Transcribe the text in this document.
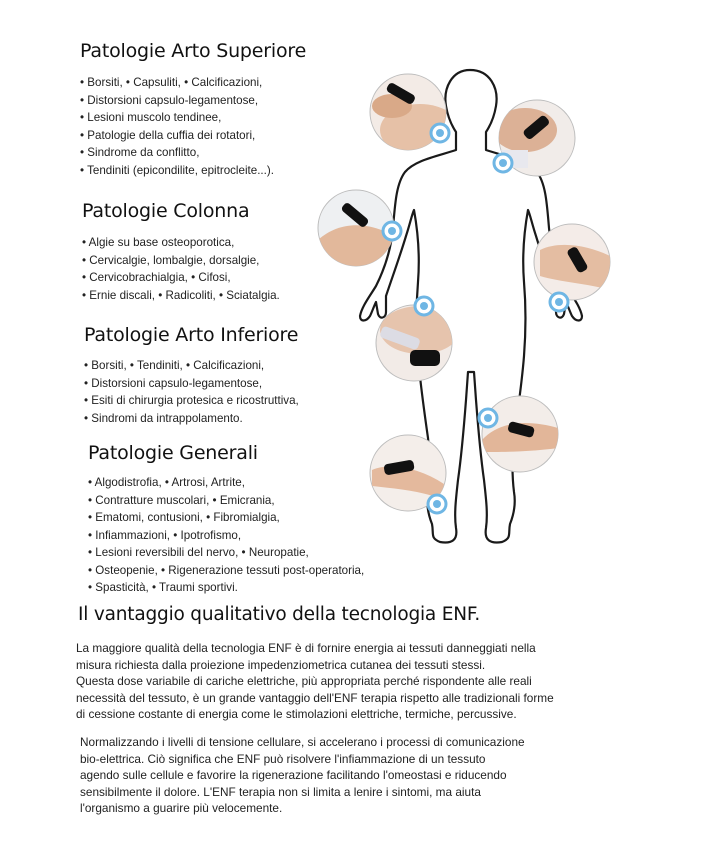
Patologie Arto Superiore
• Borsiti, • Capsuliti, • Calcificazioni,
• Distorsioni capsulo-legamentose,
• Lesioni muscolo tendinee,
• Patologie della cuffia dei rotatori,
• Sindrome da conflitto,
• Tendiniti (epicondilite, epitrocleite...).
Patologie Colonna
• Algie su base osteoporotica,
• Cervicalgie, lombalgie, dorsalgie,
• Cervicobrachialgia, • Cifosi,
• Ernie discali, • Radicoliti, • Sciatalgia.
Patologie Arto Inferiore
• Borsiti, • Tendiniti, • Calcificazioni,
• Distorsioni capsulo-legamentose,
• Esiti di chirurgia protesica e ricostruttiva,
• Sindromi da intrappolamento.
Patologie Generali
• Algodistrofia, • Artrosi, Artrite,
• Contratture muscolari, • Emicrania,
• Ematomi, contusioni, • Fibromialgia,
• Infiammazioni, • Ipotrofismo,
• Lesioni reversibili del nervo, • Neuropatie,
• Osteopenie, • Rigenerazione tessuti post-operatoria,
• Spasticità, • Traumi sportivi.
Il vantaggio qualitativo della tecnologia ENF.
La maggiore qualità della tecnologia ENF è di fornire energia ai tessuti danneggiati nella
misura richiesta dalla proiezione impedenziometrica cutanea dei tessuti stessi.
Questa dose variabile di cariche elettriche, più appropriata perché rispondente alle reali
necessità del tessuto, è un grande vantaggio dell'ENF terapia rispetto alle tradizionali forme
di cessione costante di energia come le stimolazioni elettriche, termiche, percussive.
Normalizzando i livelli di tensione cellulare, si accelerano i processi di comunicazione
bio-elettrica. Ciò significa che ENF può risolvere l'infiammazione di un tessuto
agendo sulle cellule e favorire la rigenerazione facilitando l'omeostasi e riducendo
sensibilmente il dolore. L'ENF terapia non si limita a lenire i sintomi, ma aiuta
l'organismo a guarire più velocemente.
